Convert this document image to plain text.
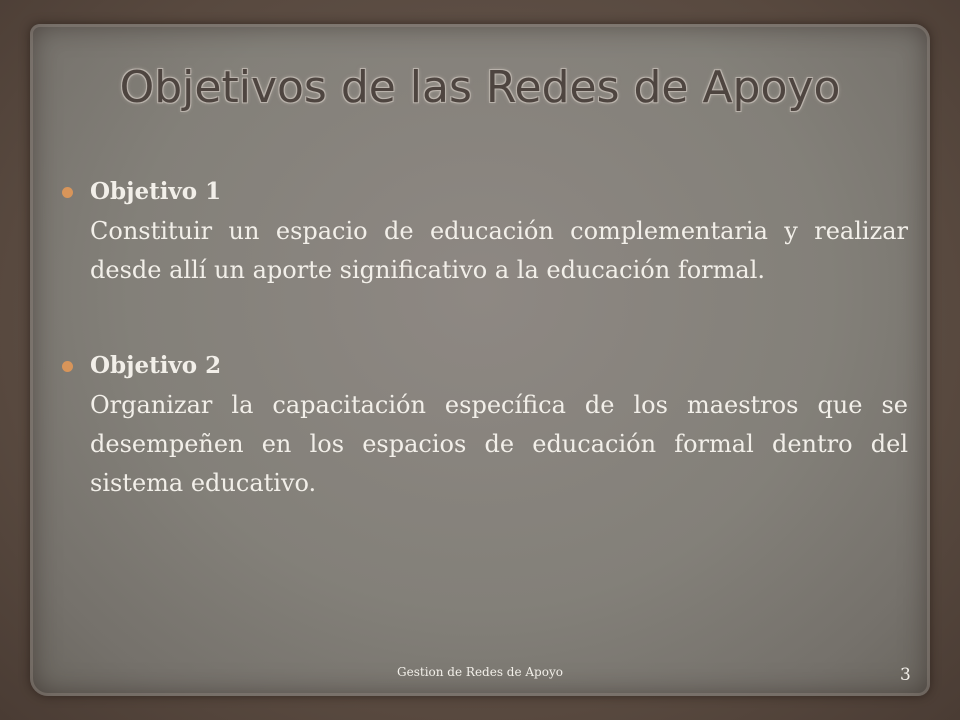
Objetivos de las Redes de Apoyo
Objetivo 1

Constituir un espacio de educación complementaria y realizar desde allí un aporte significativo a la educación formal.

Objetivo 2

Organizar la capacitación específica de los maestros que se desempeñen en los espacios de educación formal dentro del sistema educativo.

Gestion de Redes de Apoyo	3
